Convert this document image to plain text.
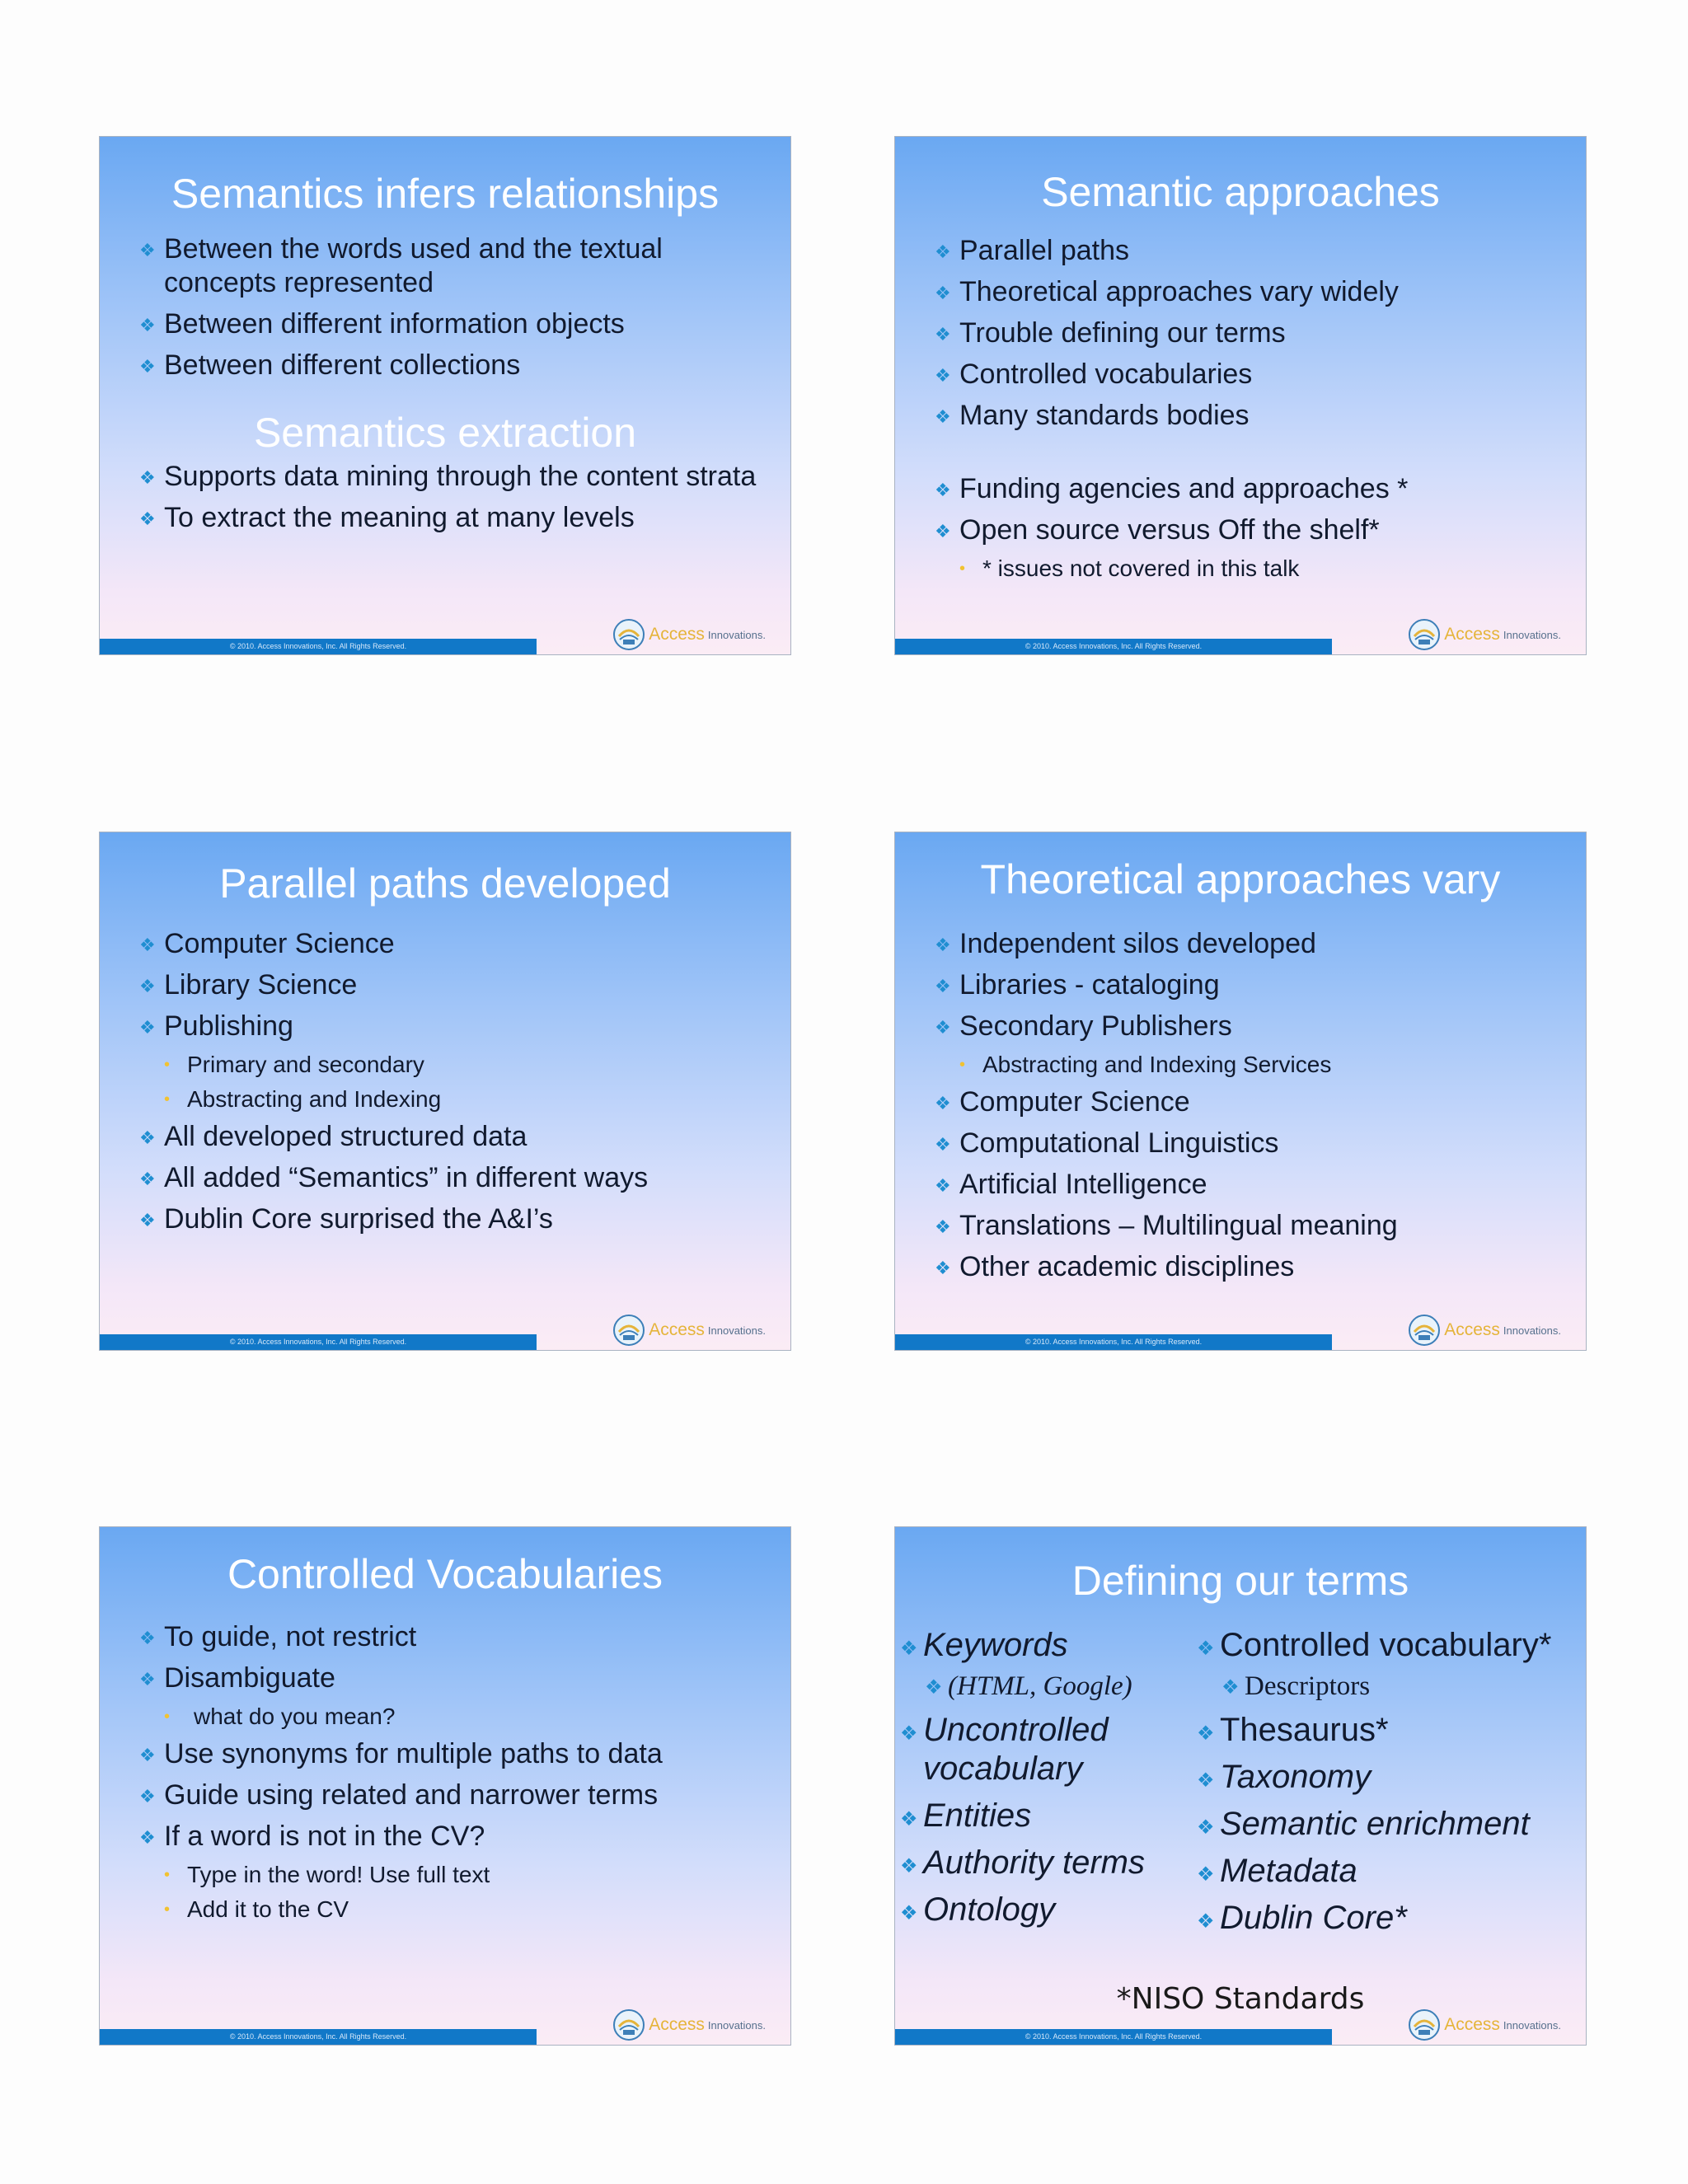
Semantics infers relationships
❖ Between the words used and the textual concepts represented
❖ Between different information objects
❖ Between different collections
Semantics extraction
❖ Supports data mining through the content strata
❖ To extract the meaning at many levels
© 2010. Access Innovations, Inc. All Rights Reserved.
Access Innovations.
Semantic approaches
❖ Parallel paths
❖ Theoretical approaches vary widely
❖ Trouble defining our terms
❖ Controlled vocabularies
❖ Many standards bodies
❖ Funding agencies and approaches *
❖ Open source versus Off the shelf*
• * issues not covered in this talk
© 2010. Access Innovations, Inc. All Rights Reserved.
Access Innovations.
Parallel paths developed
❖ Computer Science
❖ Library Science
❖ Publishing
• Primary and secondary
• Abstracting and Indexing
❖ All developed structured data
❖ All added “Semantics” in different ways
❖ Dublin Core surprised the A&I’s
© 2010. Access Innovations, Inc. All Rights Reserved.
Access Innovations.
Theoretical approaches vary
❖ Independent silos developed
❖ Libraries - cataloging
❖ Secondary Publishers
• Abstracting and Indexing Services
❖ Computer Science
❖ Computational Linguistics
❖ Artificial Intelligence
❖ Translations – Multilingual meaning
❖ Other academic disciplines
© 2010. Access Innovations, Inc. All Rights Reserved.
Access Innovations.
Controlled Vocabularies
❖ To guide, not restrict
❖ Disambiguate
• what do you mean?
❖ Use synonyms for multiple paths to data
❖ Guide using related and narrower terms
❖ If a word is not in the CV?
• Type in the word! Use full text
• Add it to the CV
© 2010. Access Innovations, Inc. All Rights Reserved.
Access Innovations.
Defining our terms
❖ Keywords
❖ (HTML, Google)
❖ Uncontrolled vocabulary
❖ Entities
❖ Authority terms
❖ Ontology
❖ Controlled vocabulary*
❖ Descriptors
❖ Thesaurus*
❖ Taxonomy
❖ Semantic enrichment
❖ Metadata
❖ Dublin Core*
*NISO Standards
© 2010. Access Innovations, Inc. All Rights Reserved.
Access Innovations.
